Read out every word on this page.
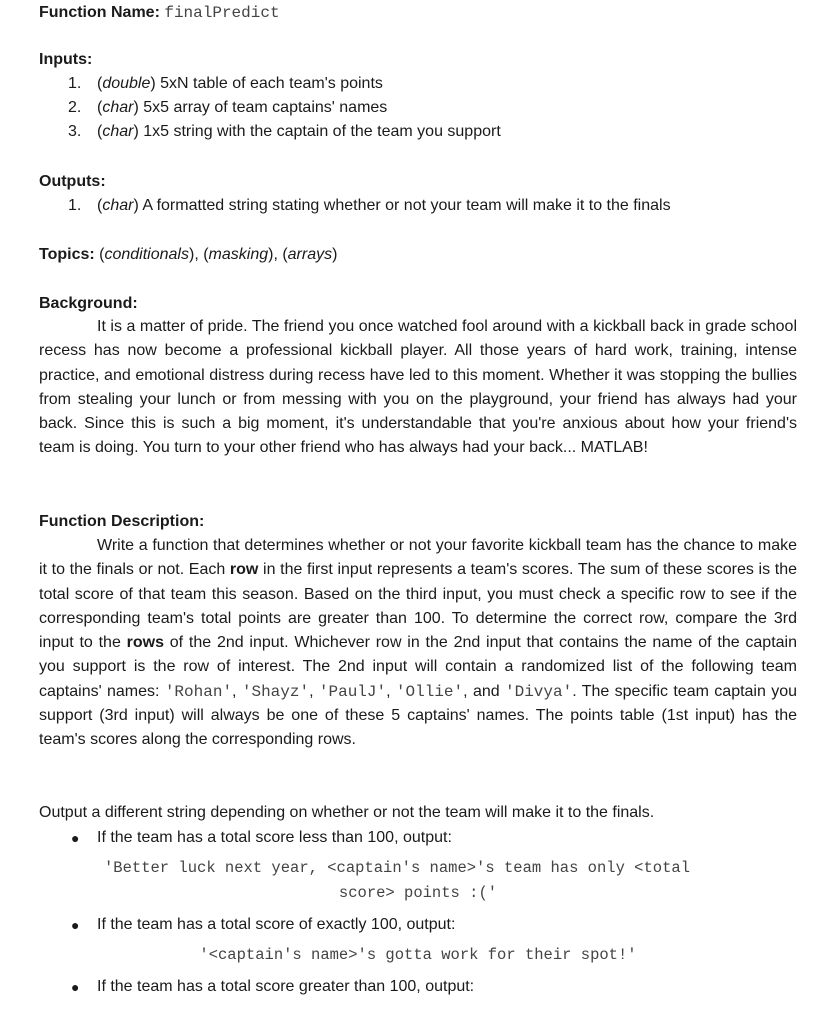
Function Name: finalPredict
Inputs:
1. (double) 5xN table of each team's points
2. (char) 5x5 array of team captains' names
3. (char) 1x5 string with the captain of the team you support
Outputs:
1. (char) A formatted string stating whether or not your team will make it to the finals
Topics: (conditionals), (masking), (arrays)
Background:
It is a matter of pride. The friend you once watched fool around with a kickball back in grade school recess has now become a professional kickball player. All those years of hard work, training, intense practice, and emotional distress during recess have led to this moment. Whether it was stopping the bullies from stealing your lunch or from messing with you on the playground, your friend has always had your back. Since this is such a big moment, it's understandable that you're anxious about how your friend's team is doing. You turn to your other friend who has always had your back... MATLAB!
Function Description:
Write a function that determines whether or not your favorite kickball team has the chance to make it to the finals or not. Each row in the first input represents a team's scores. The sum of these scores is the total score of that team this season. Based on the third input, you must check a specific row to see if the corresponding team's total points are greater than 100. To determine the correct row, compare the 3rd input to the rows of the 2nd input. Whichever row in the 2nd input that contains the name of the captain you support is the row of interest. The 2nd input will contain a randomized list of the following team captains' names: 'Rohan', 'Shayz', 'PaulJ', 'Ollie', and 'Divya'. The specific team captain you support (3rd input) will always be one of these 5 captains' names. The points table (1st input) has the team's scores along the corresponding rows.
Output a different string depending on whether or not the team will make it to the finals.
● If the team has a total score less than 100, output:
'Better luck next year, <captain's name>'s team has only <total
score> points :('
● If the team has a total score of exactly 100, output:
'<captain's name>'s gotta work for their spot!'
● If the team has a total score greater than 100, output:
